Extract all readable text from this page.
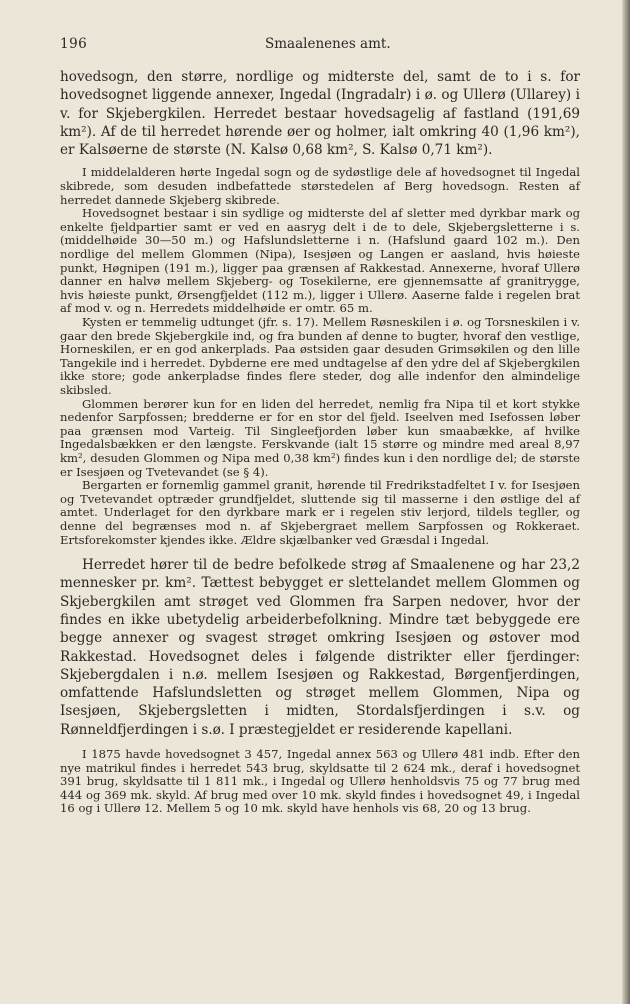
196	Smaalenenes amt.

hovedsogn, den større, nordlige og midterste del, samt de to i s. for hovedsognet liggende annexer, Ingedal (Ingradalr) i ø. og Ullerø (Ullarey) i v. for Skjebergkilen. Herredet bestaar hovedsagelig af fastland (191,69 km²). Af de til herredet hørende øer og holmer, ialt omkring 40 (1,96 km²), er Kalsøerne de største (N. Kalsø 0,68 km², S. Kalsø 0,71 km²).

I middelalderen hørte Ingedal sogn og de sydøstlige dele af hovedsognet til Ingedal skibrede, som desuden indbefattede størstedelen af Berg hovedsogn. Resten af herredet dannede Skjeberg skibrede.

Hovedsognet bestaar i sin sydlige og midterste del af sletter med dyrkbar mark og enkelte fjeldpartier samt er ved en aasryg delt i de to dele, Skjebergsletterne i s. (middelhøide 30—50 m.) og Hafslundsletterne i n. (Hafslund gaard 102 m.). Den nordlige del mellem Glommen (Nipa), Isesjøen og Langen er aasland, hvis høieste punkt, Høgnipen (191 m.), ligger paa grænsen af Rakkestad. Annexerne, hvoraf Ullerø danner en halvø mellem Skjeberg- og Tosekilerne, ere gjennemsatte af granitrygge, hvis høieste punkt, Ørsengfjeldet (112 m.), ligger i Ullerø. Aaserne falde i regelen brat af mod v. og n. Herredets middelhøide er omtr. 65 m.

Kysten er temmelig udtunget (jfr. s. 17). Mellem Røsneskilen i ø. og Torsneskilen i v. gaar den brede Skjebergkile ind, og fra bunden af denne to bugter, hvoraf den vestlige, Horneskilen, er en god ankerplads. Paa østsiden gaar desuden Grimsøkilen og den lille Tangekile ind i herredet. Dybderne ere med undtagelse af den ydre del af Skjebergkilen ikke store; gode ankerpladse findes flere steder, dog alle indenfor den almindelige skibsled.

Glommen berører kun for en liden del herredet, nemlig fra Nipa til et kort stykke nedenfor Sarpfossen; bredderne er for en stor del fjeld. Iseelven med Isefossen løber paa grænsen mod Varteig. Til Singleefjorden løber kun smaabække, af hvilke Ingedalsbækken er den længste. Ferskvande (ialt 15 større og mindre med areal 8,97 km², desuden Glommen og Nipa med 0,38 km²) findes kun i den nordlige del; de største er Isesjøen og Tvetevandet (se § 4).

Bergarten er fornemlig gammel granit, hørende til Fredrikstadfeltet I v. for Isesjøen og Tvetevandet optræder grundfjeldet, sluttende sig til masserne i den østlige del af amtet. Underlaget for den dyrkbare mark er i regelen stiv lerjord, tildels tegller, og denne del begrænses mod n. af Skjebergraet mellem Sarpfossen og Rokkeraet. Ertsforekomster kjendes ikke. Ældre skjælbanker ved Græsdal i Ingedal.

Herredet hører til de bedre befolkede strøg af Smaalenene og har 23,2 mennesker pr. km². Tættest bebygget er slettelandet mellem Glommen og Skjebergkilen amt strøget ved Glommen fra Sarpen nedover, hvor der findes en ikke ubetydelig arbeiderbefolkning. Mindre tæt bebyggede ere begge annexer og svagest strøget omkring Isesjøen og østover mod Rakkestad. Hovedsognet deles i følgende distrikter eller fjerdinger: Skjebergdalen i n.ø. mellem Isesjøen og Rakkestad, Børgenfjerdingen, omfattende Hafslundsletten og strøget mellem Glommen, Nipa og Isesjøen, Skjebergsletten i midten, Stordalsfjerdingen i s.v. og Rønneldfjerdingen i s.ø. I præstegjeldet er residerende kapellani.

I 1875 havde hovedsognet 3 457, Ingedal annex 563 og Ullerø 481 indb. Efter den nye matrikul findes i herredet 543 brug, skyldsatte til 2 624 mk., deraf i hovedsognet 391 brug, skyldsatte til 1 811 mk., i Ingedal og Ullerø henholdsvis 75 og 77 brug med 444 og 369 mk. skyld. Af brug med over 10 mk. skyld findes i hovedsognet 49, i Ingedal 16 og i Ullerø 12. Mellem 5 og 10 mk. skyld have henhols vis 68, 20 og 13 brug.
